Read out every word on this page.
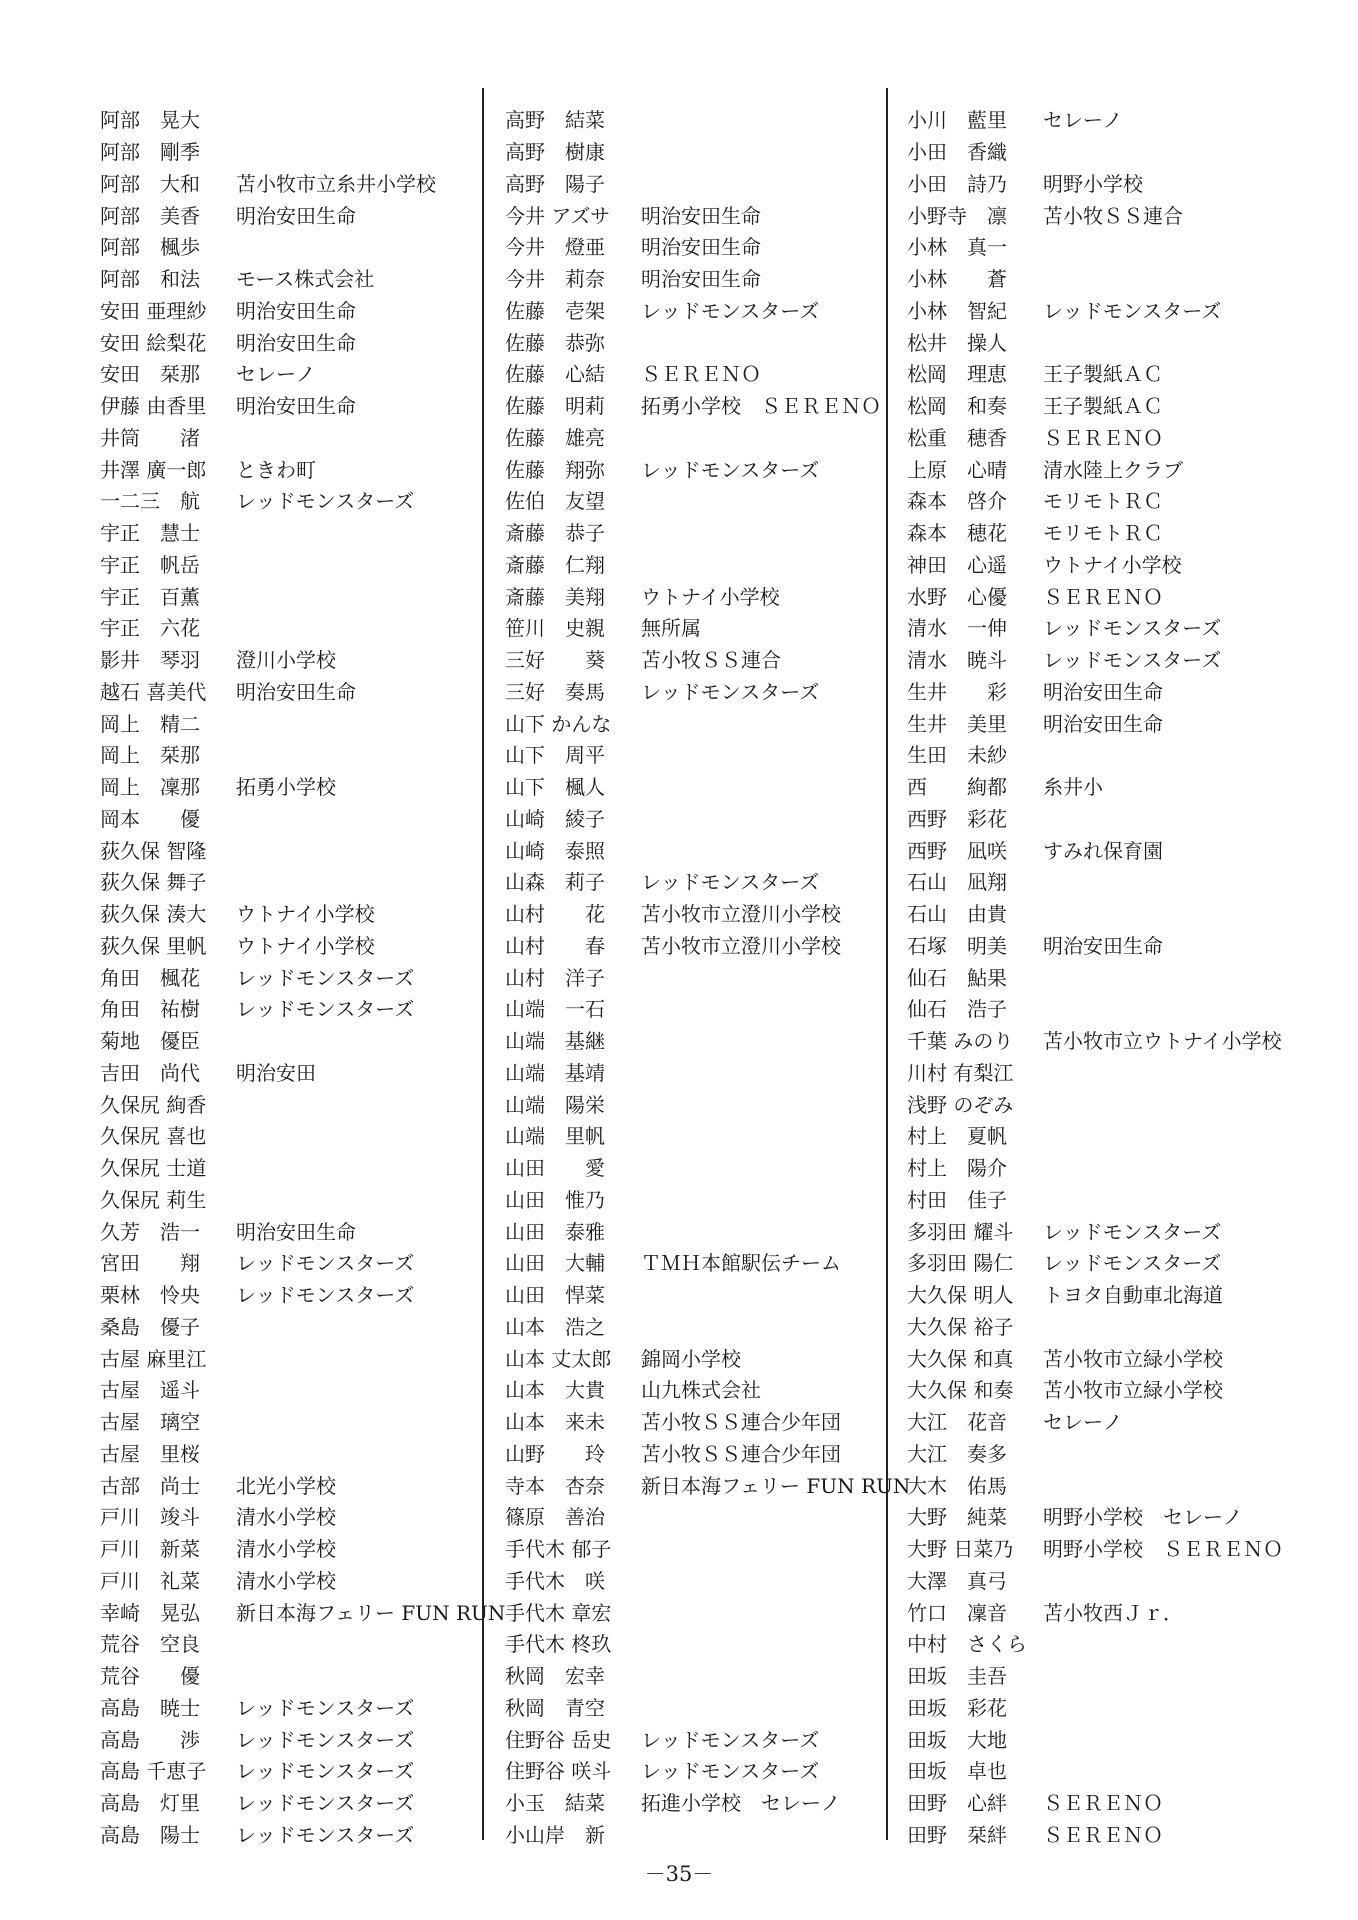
阿部　晃大
阿部　剛季
阿部　大和	苫小牧市立糸井小学校
阿部　美香	明治安田生命
阿部　楓歩
阿部　和法	モース株式会社
安田 亜理紗	明治安田生命
安田 絵梨花	明治安田生命
安田　栞那	セレーノ
伊藤 由香里	明治安田生命
井筒　　渚
井澤 廣一郎	ときわ町
一二三　航	レッドモンスターズ
宇正　慧士
宇正　帆岳
宇正　百薫
宇正　六花
影井　琴羽	澄川小学校
越石 喜美代	明治安田生命
岡上　精二
岡上　栞那
岡上　凜那	拓勇小学校
岡本　　優
荻久保 智隆
荻久保 舞子
荻久保 湊大	ウトナイ小学校
荻久保 里帆	ウトナイ小学校
角田　楓花	レッドモンスターズ
角田　祐樹	レッドモンスターズ
菊地　優臣
吉田　尚代	明治安田
久保尻 絢香
久保尻 喜也
久保尻 士道
久保尻 莉生
久芳　浩一	明治安田生命
宮田　　翔	レッドモンスターズ
栗林　怜央	レッドモンスターズ
桑島　優子
古屋 麻里江
古屋　遥斗
古屋　璃空
古屋　里桜
古部　尚士	北光小学校
戸川　竣斗	清水小学校
戸川　新菜	清水小学校
戸川　礼菜	清水小学校
幸崎　晃弘	新日本海フェリー FUN RUN
荒谷　空良
荒谷　　優
高島　暁士	レッドモンスターズ
高島　　渉	レッドモンスターズ
高島 千恵子	レッドモンスターズ
高島　灯里	レッドモンスターズ
高島　陽士	レッドモンスターズ
高野　結菜
高野　樹康
高野　陽子
今井 アズサ	明治安田生命
今井　燈亜	明治安田生命
今井　莉奈	明治安田生命
佐藤　壱架	レッドモンスターズ
佐藤　恭弥
佐藤　心結	ＳＥＲＥＮＯ
佐藤　明莉	拓勇小学校　ＳＥＲＥＮＯ
佐藤　雄亮
佐藤　翔弥	レッドモンスターズ
佐伯　友望
斎藤　恭子
斎藤　仁翔
斎藤　美翔	ウトナイ小学校
笹川　史親	無所属
三好　　葵	苫小牧ＳＳ連合
三好　奏馬	レッドモンスターズ
山下 かんな
山下　周平
山下　楓人
山崎　綾子
山崎　泰照
山森　莉子	レッドモンスターズ
山村　　花	苫小牧市立澄川小学校
山村　　春	苫小牧市立澄川小学校
山村　洋子
山端　一石
山端　基継
山端　基靖
山端　陽栄
山端　里帆
山田　　愛
山田　惟乃
山田　泰雅
山田　大輔	ＴＭＨ本館駅伝チーム
山田　悍菜
山本　浩之
山本 丈太郎	錦岡小学校
山本　大貴	山九株式会社
山本　来未	苫小牧ＳＳ連合少年団
山野　　玲	苫小牧ＳＳ連合少年団
寺本　杏奈	新日本海フェリー FUN RUN
篠原　善治
手代木 郁子
手代木　咲
手代木 章宏
手代木 柊玖
秋岡　宏幸
秋岡　青空
住野谷 岳史	レッドモンスターズ
住野谷 咲斗	レッドモンスターズ
小玉　結菜	拓進小学校　セレーノ
小山岸　新
小川　藍里	セレーノ
小田　香織
小田　詩乃	明野小学校
小野寺　凛	苫小牧ＳＳ連合
小林　真一
小林　　蒼
小林　智紀	レッドモンスターズ
松井　操人
松岡　理恵	王子製紙ＡＣ
松岡　和奏	王子製紙ＡＣ
松重　穂香	ＳＥＲＥＮＯ
上原　心晴	清水陸上クラブ
森本　啓介	モリモトＲＣ
森本　穂花	モリモトＲＣ
神田　心遥	ウトナイ小学校
水野　心優	ＳＥＲＥＮＯ
清水　一伸	レッドモンスターズ
清水　暁斗	レッドモンスターズ
生井　　彩	明治安田生命
生井　美里	明治安田生命
生田　未紗
西　　絢都	糸井小
西野　彩花
西野　凪咲	すみれ保育園
石山　凪翔
石山　由貴
石塚　明美	明治安田生命
仙石　鮎果
仙石　浩子
千葉 みのり	苫小牧市立ウトナイ小学校
川村 有梨江
浅野 のぞみ
村上　夏帆
村上　陽介
村田　佳子
多羽田 耀斗	レッドモンスターズ
多羽田 陽仁	レッドモンスターズ
大久保 明人	トヨタ自動車北海道
大久保 裕子
大久保 和真	苫小牧市立緑小学校
大久保 和奏	苫小牧市立緑小学校
大江　花音	セレーノ
大江　奏多
大木　佑馬
大野　純菜	明野小学校　セレーノ
大野 日菜乃	明野小学校　ＳＥＲＥＮＯ
大澤　真弓
竹口　凜音	苫小牧西Ｊｒ．
中村　さくら
田坂　圭吾
田坂　彩花
田坂　大地
田坂　卓也
田野　心絆	ＳＥＲＥＮＯ
田野　栞絆	ＳＥＲＥＮＯ
－35－
